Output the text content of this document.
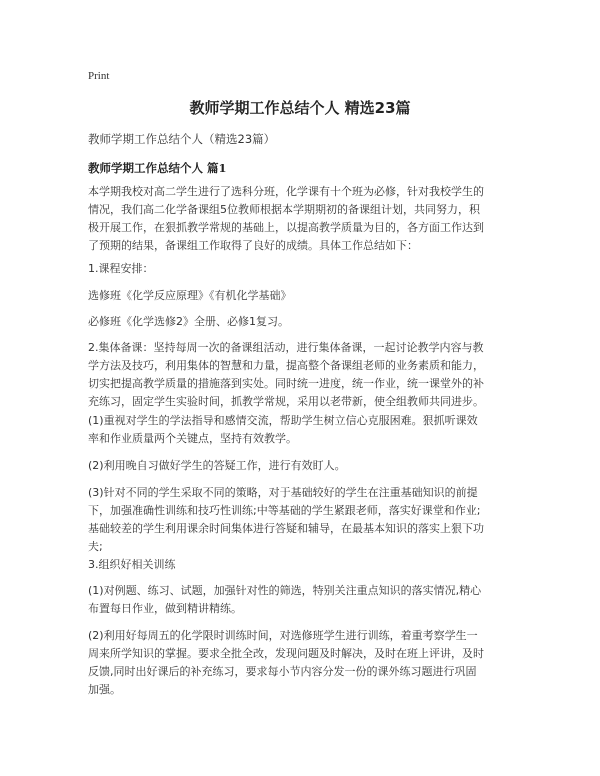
Print
教师学期工作总结个人 精选23篇
教师学期工作总结个人（精选23篇）
教师学期工作总结个人 篇1

本学期我校对高二学生进行了选科分班，化学课有十个班为必修，针对我校学生的
情况，我们高二化学备课组5位教师根据本学期期初的备课组计划，共同努力，积
极开展工作，在狠抓教学常规的基础上，以提高教学质量为目的，各方面工作达到
了预期的结果，备课组工作取得了良好的成绩。具体工作总结如下：

1.课程安排：

选修班《化学反应原理》《有机化学基础》

必修班《化学选修2》全册、必修1复习。

2.集体备课：坚持每周一次的备课组活动，进行集体备课，一起讨论教学内容与教
学方法及技巧，利用集体的智慧和力量，提高整个备课组老师的业务素质和能力，
切实把提高教学质量的措施落到实处。同时统一进度，统一作业，统一课堂外的补
充练习，固定学生实验时间，抓教学常规，采用以老带新，使全组教师共同进步。

(1)重视对学生的学法指导和感情交流，帮助学生树立信心克服困难。狠抓听课效
率和作业质量两个关键点，坚持有效教学。

(2)利用晚自习做好学生的答疑工作，进行有效盯人。

(3)针对不同的学生采取不同的策略，对于基础较好的学生在注重基础知识的前提
下，加强准确性训练和技巧性训练;中等基础的学生紧跟老师，落实好课堂和作业;
基础较差的学生利用课余时间集体进行答疑和辅导，在最基本知识的落实上狠下功
夫;

3.组织好相关训练

(1)对例题、练习、试题，加强针对性的筛选，特别关注重点知识的落实情况,精心
布置每日作业，做到精讲精练。

(2)利用好每周五的化学限时训练时间，对选修班学生进行训练，着重考察学生一
周来所学知识的掌握。要求全批全改，发现问题及时解决，及时在班上评讲，及时
反馈,同时出好课后的补充练习，要求每小节内容分发一份的课外练习题进行巩固
加强。
